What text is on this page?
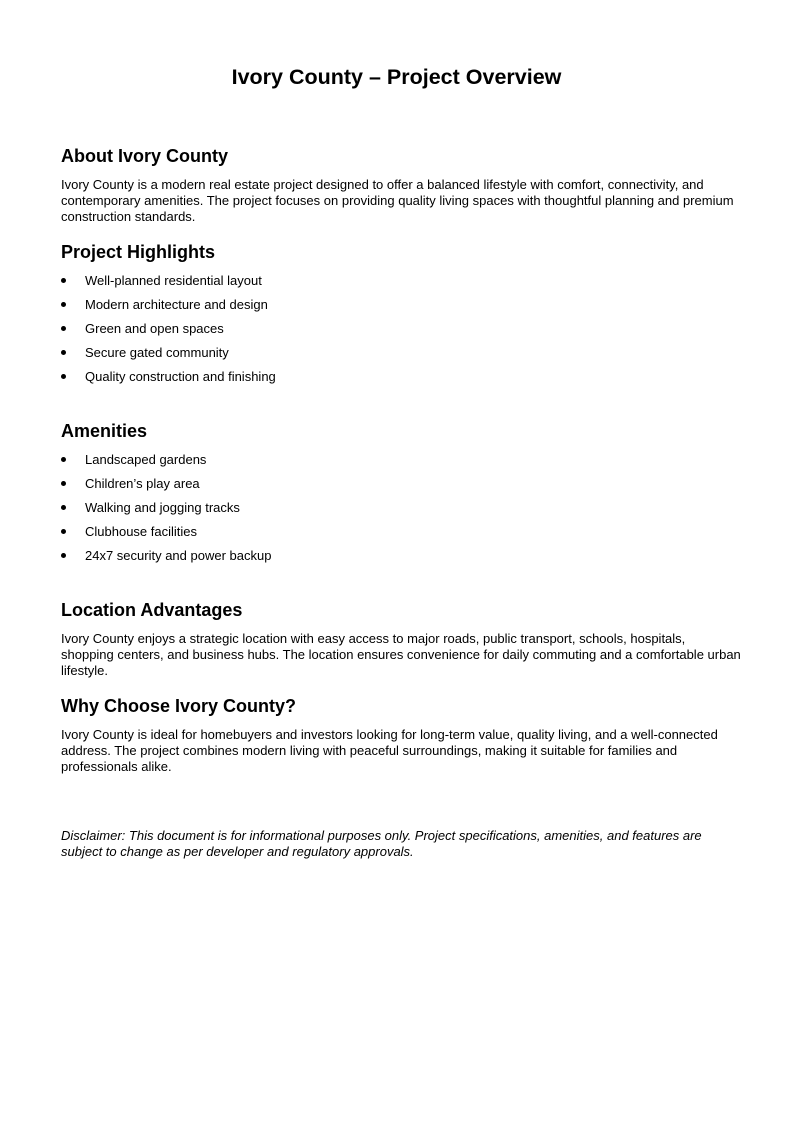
Ivory County – Project Overview
About Ivory County

Ivory County is a modern real estate project designed to offer a balanced lifestyle with comfort, connectivity, and contemporary amenities. The project focuses on providing quality living spaces with thoughtful planning and premium construction standards.

Project Highlights
Well-planned residential layout
Modern architecture and design
Green and open spaces
Secure gated community
Quality construction and finishing
Amenities
Landscaped gardens
Children’s play area
Walking and jogging tracks
Clubhouse facilities
24x7 security and power backup
Location Advantages

Ivory County enjoys a strategic location with easy access to major roads, public transport, schools, hospitals, shopping centers, and business hubs. The location ensures convenience for daily commuting and a comfortable urban lifestyle.

Why Choose Ivory County?

Ivory County is ideal for homebuyers and investors looking for long-term value, quality living, and a well-connected address. The project combines modern living with peaceful surroundings, making it suitable for families and professionals alike.

Disclaimer: This document is for informational purposes only. Project specifications, amenities, and features are subject to change as per developer and regulatory approvals.
